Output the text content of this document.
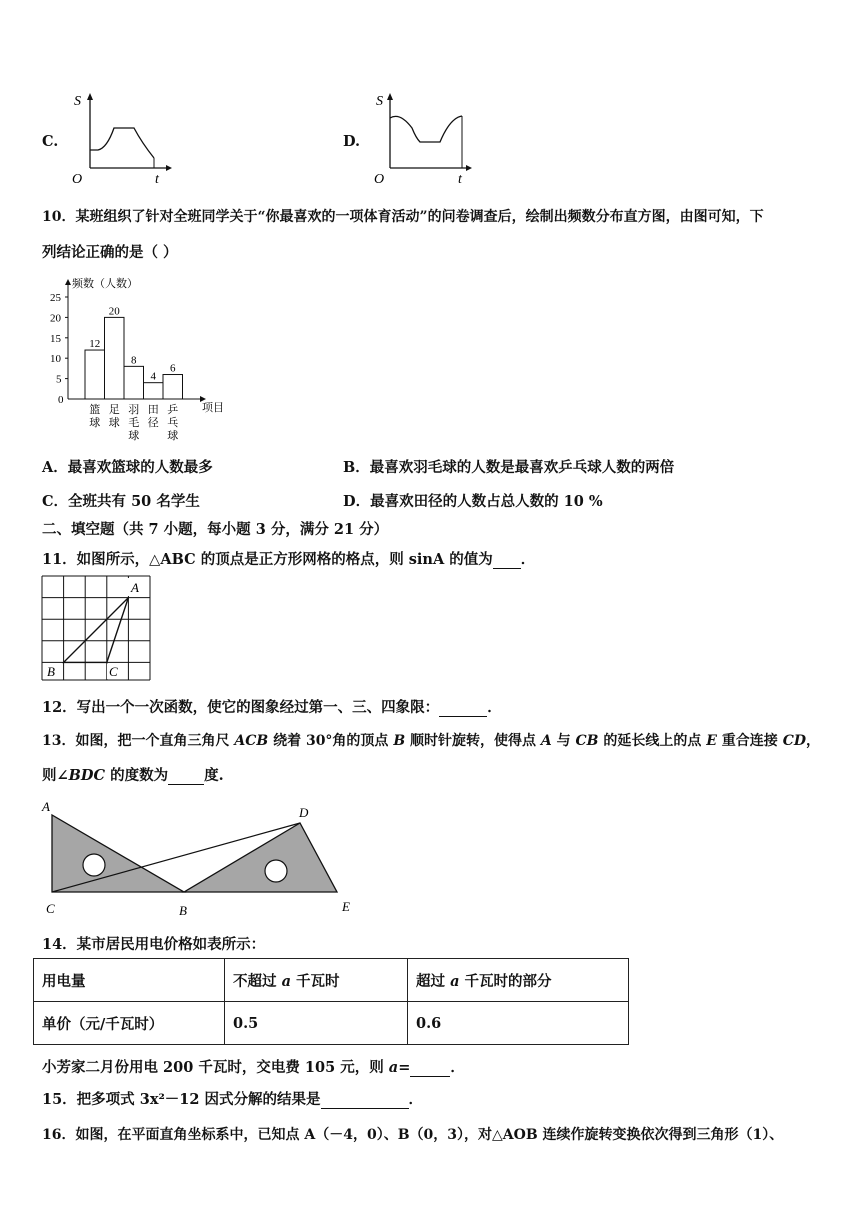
C.
S
O	t
D.
S
O	t
10．某班组织了针对全班同学关于“你最喜欢的一项体育活动”的问卷调查后，绘制出频数分布直方图，由图可知，下
列结论正确的是（ ）
0
5
10
15
20
25
12
篮
球
20
足
球
8
羽
毛
球
4
田
径
6
乒
乓
球
频数（人数）
项目
A．最喜欢篮球的人数最多	B．最喜欢羽毛球的人数是最喜欢乒乓球人数的两倍
C．全班共有 50 名学生	D．最喜欢田径的人数占总人数的 10 %
二、填空题（共 7 小题，每小题 3 分，满分 21 分）
11．如图所示，△ABC 的顶点是正方形网格的格点，则 sinA 的值为 ．
A
B	C
12．写出一个一次函数，使它的图象经过第一、三、四象限：	．
13．如图，把一个直角三角尺 ACB 绕着 30°角的顶点 B 顺时针旋转，使得点 A 与 CB 的延长线上的点 E 重合连接 CD，
则∠BDC 的度数为 度.
A
C	B
D
E
14．某市居民用电价格如表所示：
用电量	不超过 a 千瓦时	超过 a 千瓦时的部分
单价（元/千瓦时）	0.5	0.6
小芳家二月份用电 200 千瓦时，交电费 105 元，则 a=	．
15．把多项式 3x²－12 因式分解的结果是	．
16．如图，在平面直角坐标系中，已知点 A（－4，0）、B（0，3），对△AOB 连续作旋转变换依次得到三角形（1）、
